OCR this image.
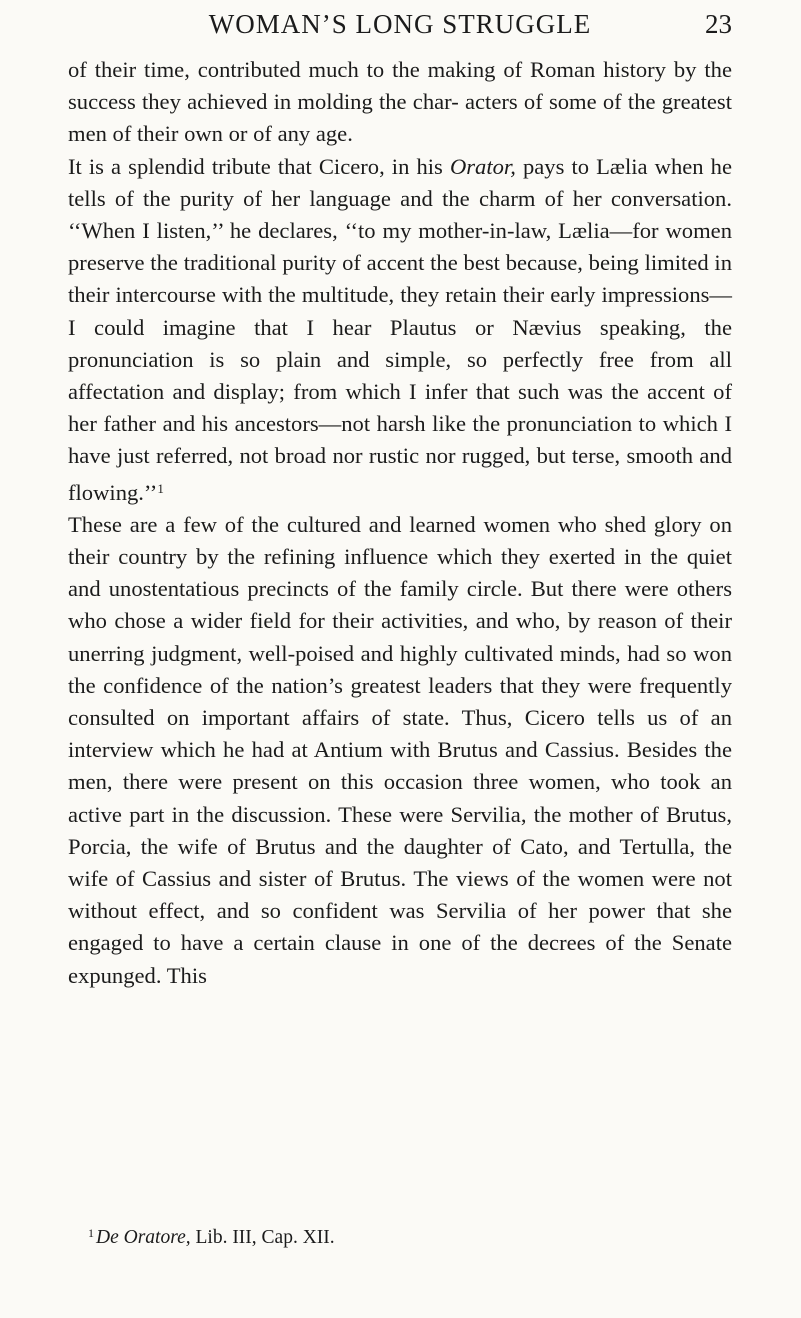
WOMAN’S LONG STRUGGLE	23

of their time, contributed much to the making of Roman history by the success they achieved in molding the char- acters of some of the greatest men of their own or of any age.

It is a splendid tribute that Cicero, in his Orator, pays to Lælia when he tells of the purity of her language and the charm of her conversation. ‘‘When I listen,’’ he declares, ‘‘to my mother-in-law, Lælia—for women preserve the traditional purity of accent the best because, being limited in their intercourse with the multitude, they retain their early impressions—I could imagine that I hear Plautus or Nævius speaking, the pronunciation is so plain and simple, so perfectly free from all affectation and display; from which I infer that such was the accent of her father and his ancestors—not harsh like the pronunciation to which I have just referred, not broad nor rustic nor rugged, but terse, smooth and flowing.’’$^1$

These are a few of the cultured and learned women who shed glory on their country by the refining influence which they exerted in the quiet and unostentatious precincts of the family circle. But there were others who chose a wider field for their activities, and who, by reason of their unerring judgment, well-poised and highly cultivated minds, had so won the confidence of the nation’s greatest leaders that they were frequently consulted on important affairs of state. Thus, Cicero tells us of an interview which he had at Antium with Brutus and Cassius. Besides the men, there were present on this occasion three women, who took an active part in the discussion. These were Servilia, the mother of Brutus, Porcia, the wife of Brutus and the daughter of Cato, and Tertulla, the wife of Cassius and sister of Brutus. The views of the women were not without effect, and so confident was Servilia of her power that she engaged to have a certain clause in one of the decrees of the Senate expunged. This

$^1$ De Oratore, Lib. III, Cap. XII.
